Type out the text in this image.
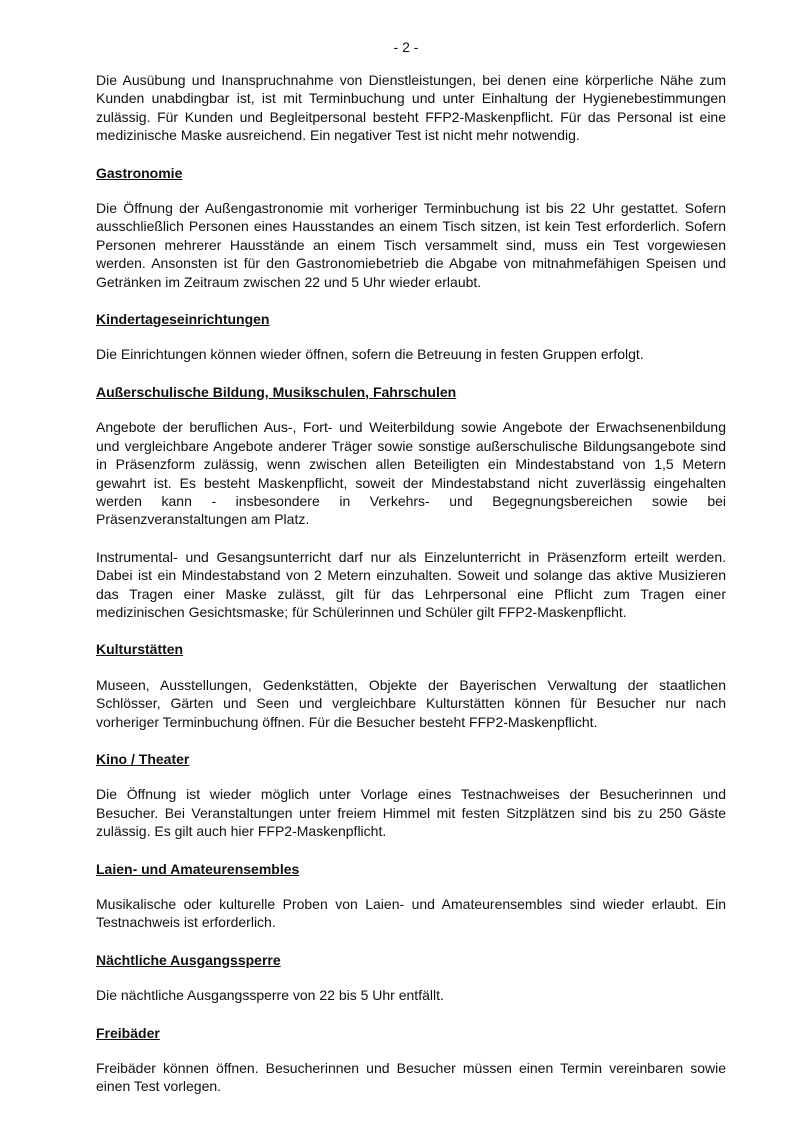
- 2 -

Die Ausübung und Inanspruchnahme von Dienstleistungen, bei denen eine körperliche Nähe zum Kunden unabdingbar ist, ist mit Terminbuchung und unter Einhaltung der Hygienebestimmungen zulässig. Für Kunden und Begleitpersonal besteht FFP2-Maskenpflicht. Für das Personal ist eine medizinische Maske ausreichend. Ein negativer Test ist nicht mehr notwendig.

Gastronomie

Die Öffnung der Außengastronomie mit vorheriger Terminbuchung ist bis 22 Uhr gestattet. Sofern ausschließlich Personen eines Hausstandes an einem Tisch sitzen, ist kein Test erforderlich. Sofern Personen mehrerer Hausstände an einem Tisch versammelt sind, muss ein Test vorgewiesen werden. Ansonsten ist für den Gastronomiebetrieb die Abgabe von mitnahmefähigen Speisen und Getränken im Zeitraum zwischen 22 und 5 Uhr wieder erlaubt.

Kindertageseinrichtungen

Die Einrichtungen können wieder öffnen, sofern die Betreuung in festen Gruppen erfolgt.

Außerschulische Bildung, Musikschulen, Fahrschulen

Angebote der beruflichen Aus-, Fort- und Weiterbildung sowie Angebote der Erwachsenenbildung und vergleichbare Angebote anderer Träger sowie sonstige außerschulische Bildungsangebote sind in Präsenzform zulässig, wenn zwischen allen Beteiligten ein Mindestabstand von 1,5 Metern gewahrt ist. Es besteht Maskenpflicht, soweit der Mindestabstand nicht zuverlässig eingehalten werden kann - insbesondere in Verkehrs- und Begegnungsbereichen sowie bei Präsenzveranstaltungen am Platz.

Instrumental- und Gesangsunterricht darf nur als Einzelunterricht in Präsenzform erteilt werden. Dabei ist ein Mindestabstand von 2 Metern einzuhalten. Soweit und solange das aktive Musizieren das Tragen einer Maske zulässt, gilt für das Lehrpersonal eine Pflicht zum Tragen einer medizinischen Gesichtsmaske; für Schülerinnen und Schüler gilt FFP2-Maskenpflicht.

Kulturstätten

Museen, Ausstellungen, Gedenkstätten, Objekte der Bayerischen Verwaltung der staatlichen Schlösser, Gärten und Seen und vergleichbare Kulturstätten können für Besucher nur nach vorheriger Terminbuchung öffnen. Für die Besucher besteht FFP2-Maskenpflicht.

Kino / Theater

Die Öffnung ist wieder möglich unter Vorlage eines Testnachweises der Besucherinnen und Besucher. Bei Veranstaltungen unter freiem Himmel mit festen Sitzplätzen sind bis zu 250 Gäste zulässig. Es gilt auch hier FFP2-Maskenpflicht.

Laien- und Amateurensembles

Musikalische oder kulturelle Proben von Laien- und Amateurensembles sind wieder erlaubt. Ein Testnachweis ist erforderlich.

Nächtliche Ausgangssperre

Die nächtliche Ausgangssperre von 22 bis 5 Uhr entfällt.

Freibäder

Freibäder können öffnen. Besucherinnen und Besucher müssen einen Termin vereinbaren sowie einen Test vorlegen.
